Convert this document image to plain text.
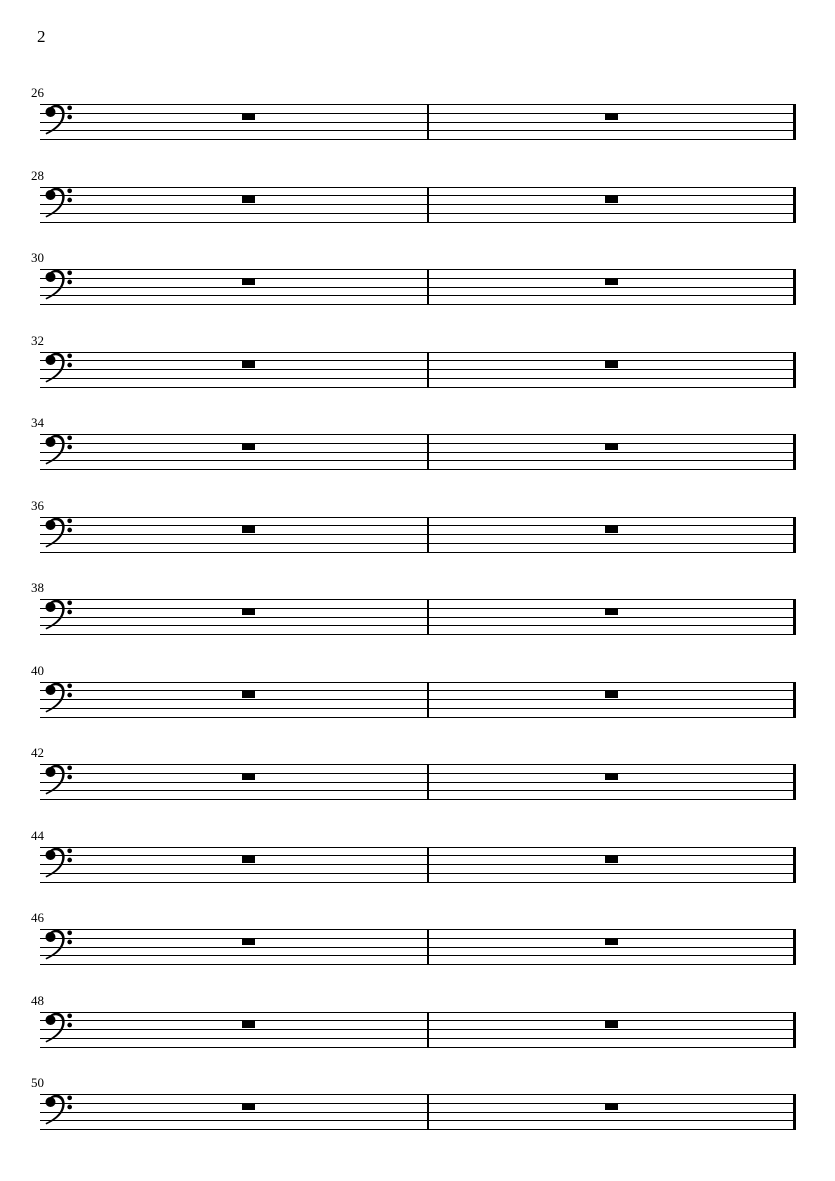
2
26
28
30
32
34
36
38
40
42
44
46
48
50
